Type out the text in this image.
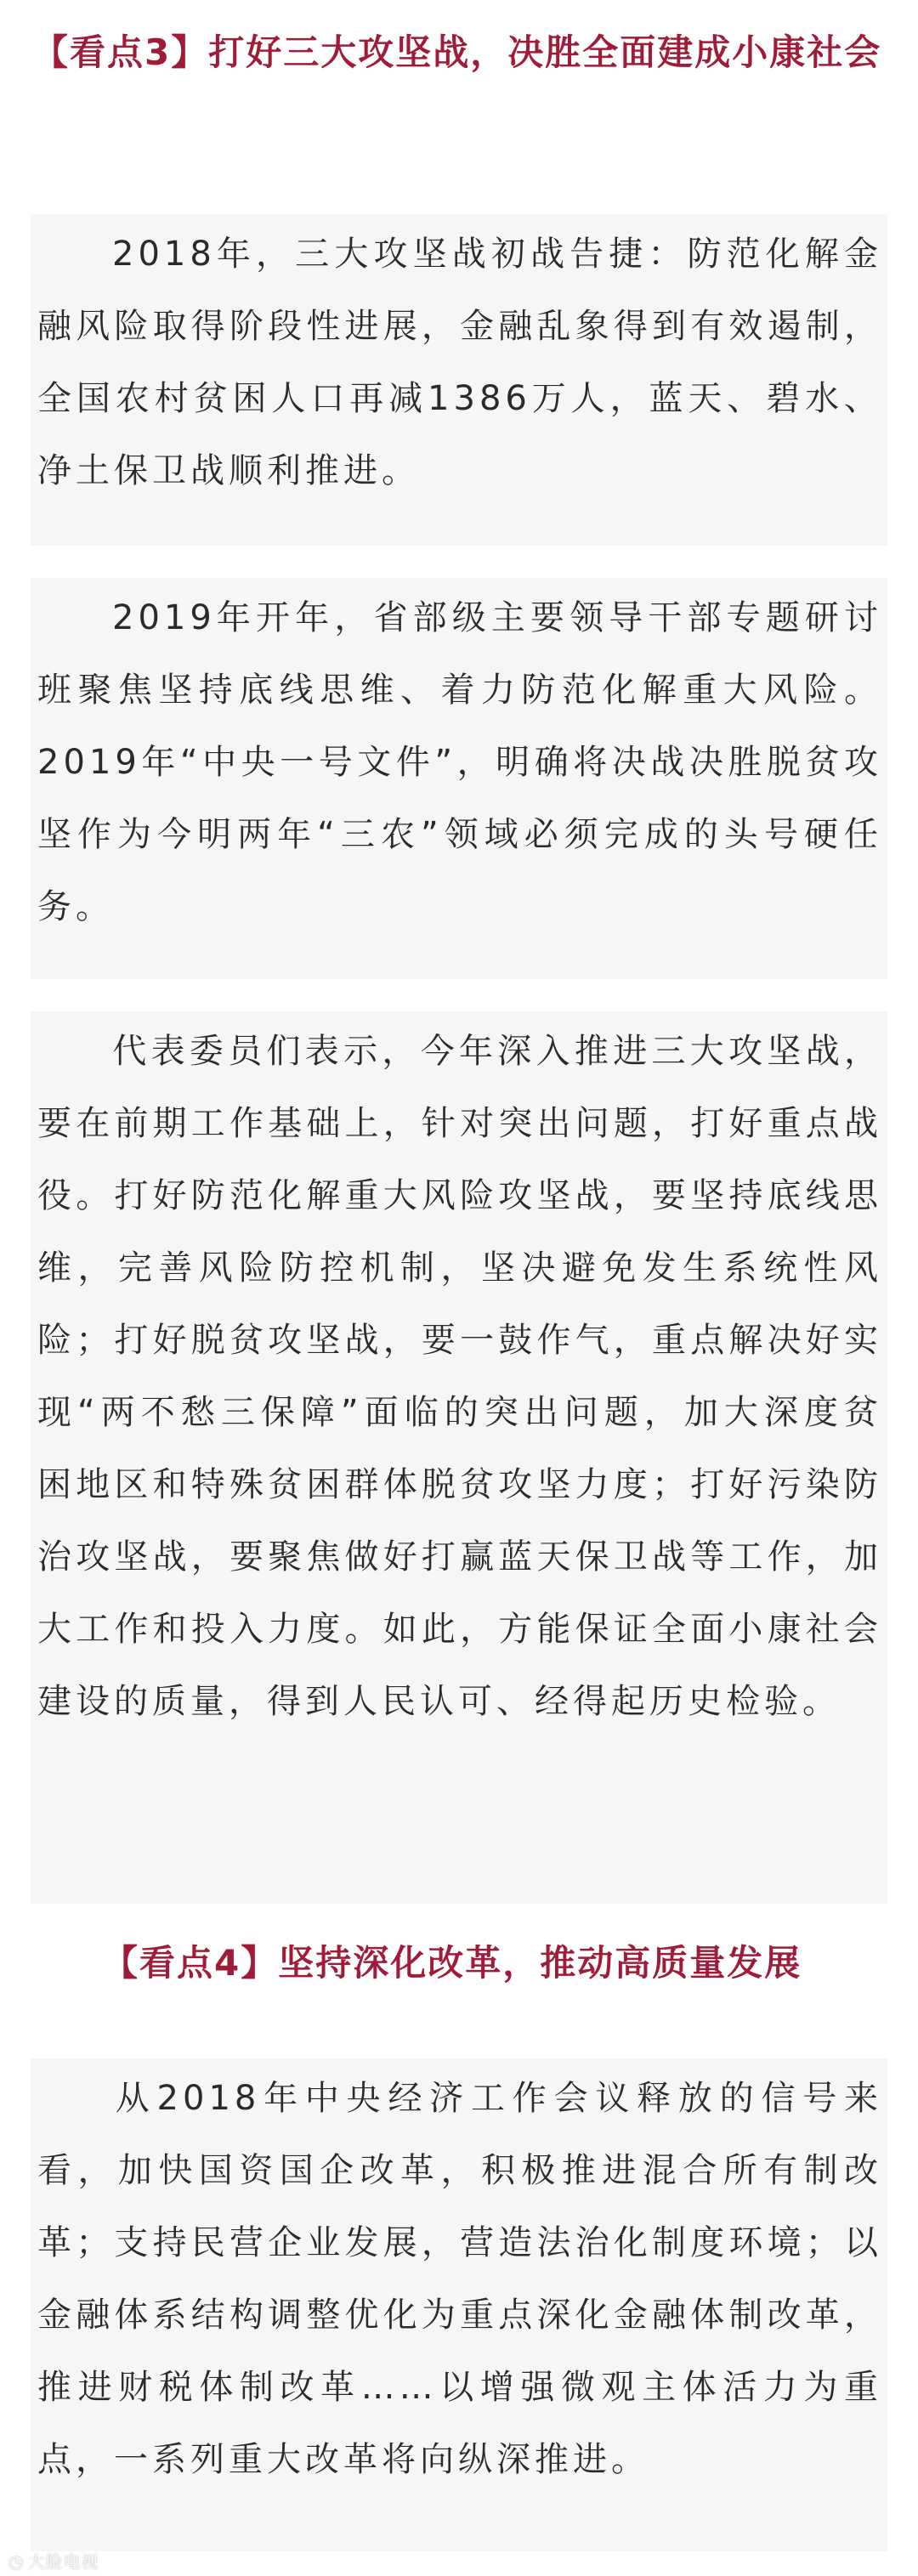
【看点3】打好三大攻坚战，决胜全面建成小康社会

2018年，三大攻坚战初战告捷：防范化解金融风险取得阶段性进展，金融乱象得到有效遏制，全国农村贫困人口再减1386万人，蓝天、碧水、净土保卫战顺利推进。

2019年开年，省部级主要领导干部专题研讨班聚焦坚持底线思维、着力防范化解重大风险。2019年“中央一号文件”，明确将决战决胜脱贫攻坚作为今明两年“三农”领域必须完成的头号硬任务。

代表委员们表示，今年深入推进三大攻坚战，要在前期工作基础上，针对突出问题，打好重点战役。打好防范化解重大风险攻坚战，要坚持底线思维，完善风险防控机制，坚决避免发生系统性风险；打好脱贫攻坚战，要一鼓作气，重点解决好实现“两不愁三保障”面临的突出问题，加大深度贫困地区和特殊贫困群体脱贫攻坚力度；打好污染防治攻坚战，要聚焦做好打赢蓝天保卫战等工作，加大工作和投入力度。如此，方能保证全面小康社会建设的质量，得到人民认可、经得起历史检验。

【看点4】坚持深化改革，推动高质量发展

从2018年中央经济工作会议释放的信号来看，加快国资国企改革，积极推进混合所有制改革；支持民营企业发展，营造法治化制度环境；以金融体系结构调整优化为重点深化金融体制改革，推进财税体制改革……以增强微观主体活力为重点，一系列重大改革将向纵深推进。

◔ 大脸电视
